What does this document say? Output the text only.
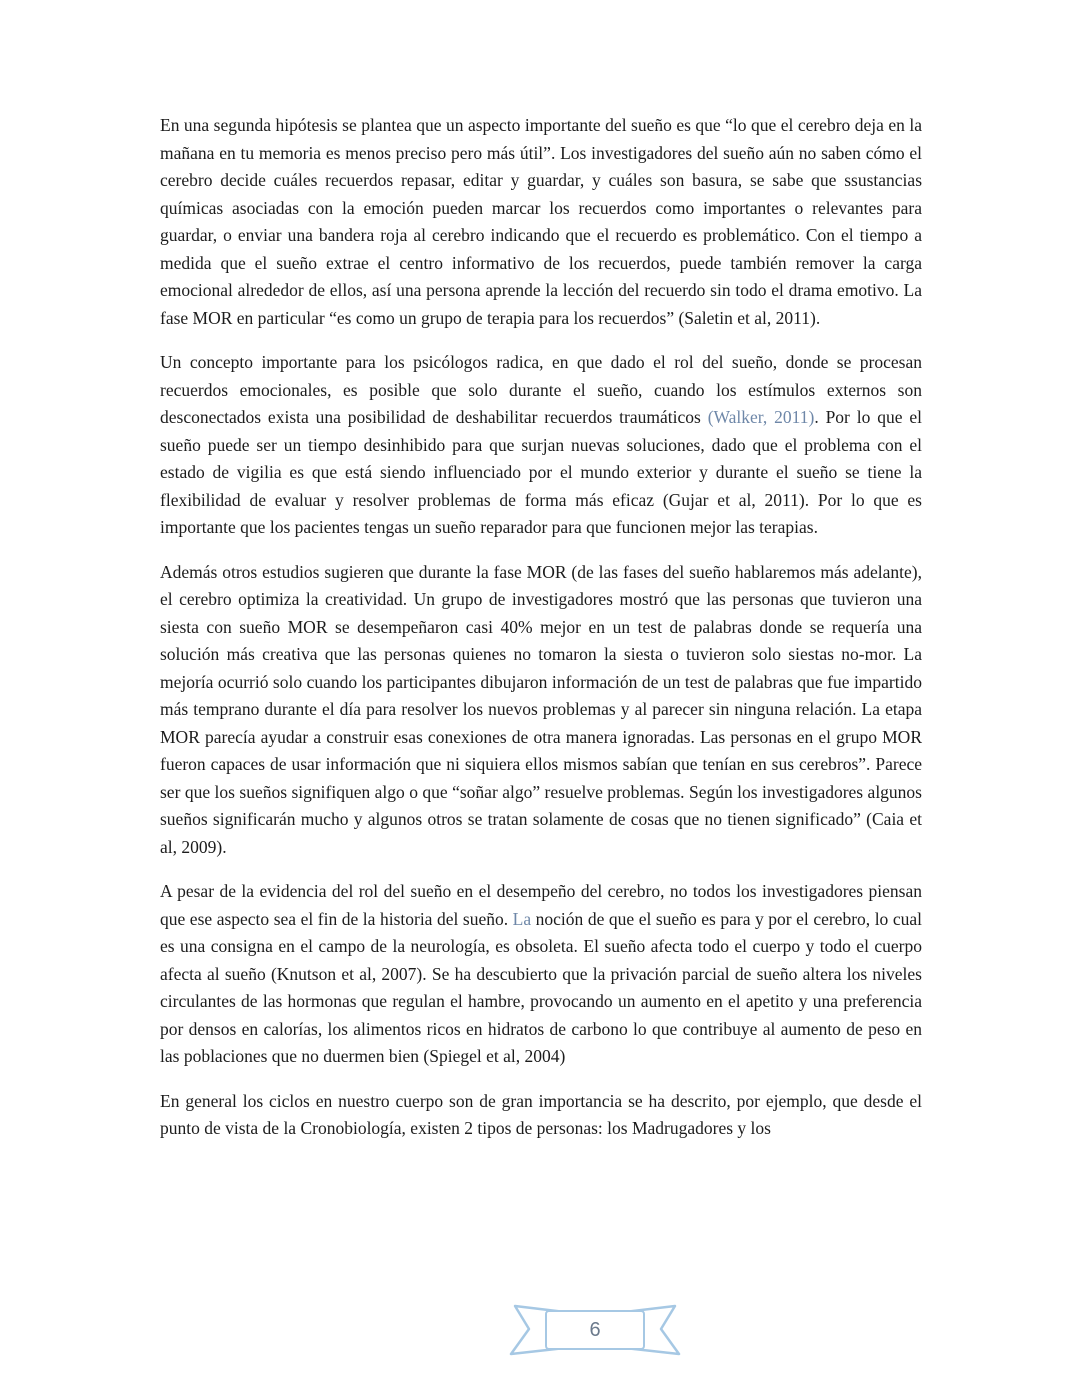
En una segunda hipótesis se plantea que un aspecto importante del sueño es que “lo que el cerebro deja en la mañana en tu memoria es menos preciso pero más útil”. Los investigadores del sueño aún no saben cómo el cerebro decide cuáles recuerdos repasar, editar y guardar, y cuáles son basura, se sabe que ssustancias químicas asociadas con la emoción pueden marcar los recuerdos como importantes o relevantes para guardar, o enviar una bandera roja al cerebro indicando que el recuerdo es problemático. Con el tiempo a medida que el sueño extrae el centro informativo de los recuerdos, puede también remover la carga emocional alrededor de ellos, así una persona aprende la lección del recuerdo sin todo el drama emotivo. La fase MOR en particular “es como un grupo de terapia para los recuerdos” (Saletin et al, 2011).

Un concepto importante para los psicólogos radica, en que dado el rol del sueño, donde se procesan recuerdos emocionales, es posible que solo durante el sueño, cuando los estímulos externos son desconectados exista una posibilidad de deshabilitar recuerdos traumáticos (Walker, 2011). Por lo que el sueño puede ser un tiempo desinhibido para que surjan nuevas soluciones, dado que el problema con el estado de vigilia es que está siendo influenciado por el mundo exterior y durante el sueño se tiene la flexibilidad de evaluar y resolver problemas de forma más eficaz (Gujar et al, 2011). Por lo que es importante que los pacientes tengas un sueño reparador para que funcionen mejor las terapias.

Además otros estudios sugieren que durante la fase MOR (de las fases del sueño hablaremos más adelante), el cerebro optimiza la creatividad. Un grupo de investigadores mostró que las personas que tuvieron una siesta con sueño MOR se desempeñaron casi 40% mejor en un test de palabras donde se requería una solución más creativa que las personas quienes no tomaron la siesta o tuvieron solo siestas no-mor. La mejoría ocurrió solo cuando los participantes dibujaron información de un test de palabras que fue impartido más temprano durante el día para resolver los nuevos problemas y al parecer sin ninguna relación. La etapa MOR parecía ayudar a construir esas conexiones de otra manera ignoradas. Las personas en el grupo MOR fueron capaces de usar información que ni siquiera ellos mismos sabían que tenían en sus cerebros”. Parece ser que los sueños signifiquen algo o que “soñar algo” resuelve problemas. Según los investigadores algunos sueños significarán mucho y algunos otros se tratan solamente de cosas que no tienen significado” (Caia et al, 2009).

A pesar de la evidencia del rol del sueño en el desempeño del cerebro, no todos los investigadores piensan que ese aspecto sea el fin de la historia del sueño. La noción de que el sueño es para y por el cerebro, lo cual es una consigna en el campo de la neurología, es obsoleta. El sueño afecta todo el cuerpo y todo el cuerpo afecta al sueño (Knutson et al, 2007). Se ha descubierto que la privación parcial de sueño altera los niveles circulantes de las hormonas que regulan el hambre, provocando un aumento en el apetito y una preferencia por densos en calorías, los alimentos ricos en hidratos de carbono lo que contribuye al aumento de peso en las poblaciones que no duermen bien (Spiegel et al, 2004)

En general los ciclos en nuestro cuerpo son de gran importancia se ha descrito, por ejemplo, que desde el punto de vista de la Cronobiología, existen 2 tipos de personas: los Madrugadores y los

6
